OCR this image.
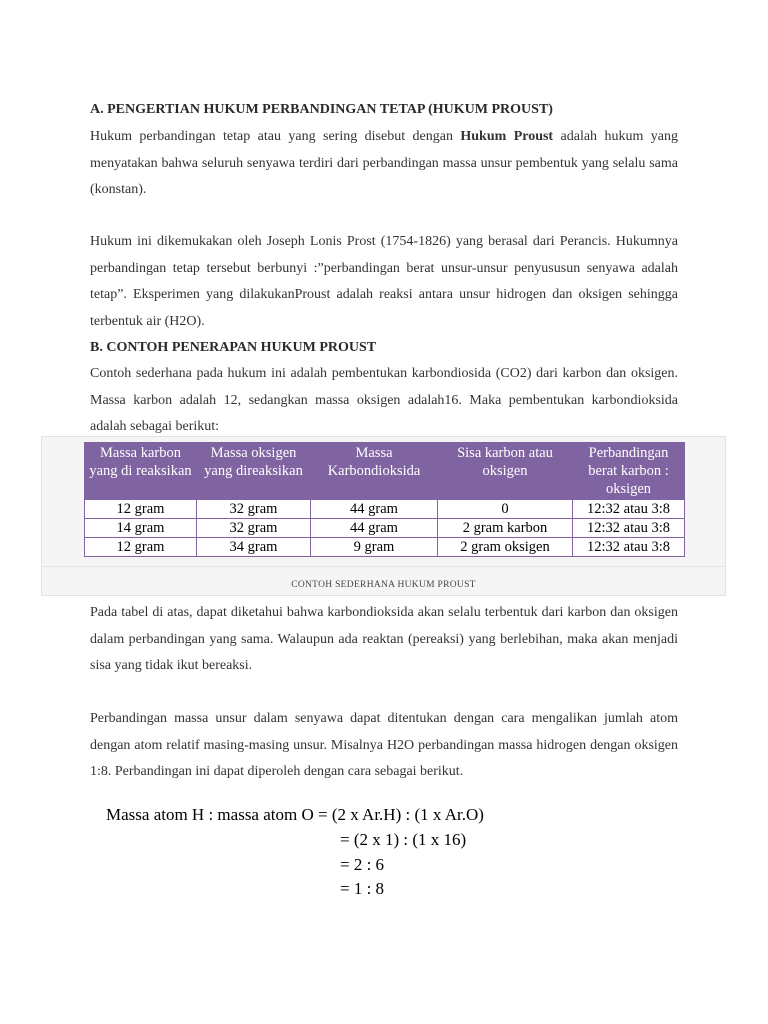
A. PENGERTIAN HUKUM PERBANDINGAN TETAP (HUKUM PROUST)

Hukum perbandingan tetap atau yang sering disebut dengan Hukum Proust adalah hukum yang menyatakan bahwa seluruh senyawa terdiri dari perbandingan massa unsur pembentuk yang selalu sama (konstan).

Hukum ini dikemukakan oleh Joseph Lonis Prost (1754-1826) yang berasal dari Perancis. Hukumnya perbandingan tetap tersebut berbunyi :”perbandingan berat unsur-unsur penyususun senyawa adalah tetap”. Eksperimen yang dilakukanProust adalah reaksi antara unsur hidrogen dan oksigen sehingga terbentuk air (H2O).

B. CONTOH PENERAPAN HUKUM PROUST

Contoh sederhana pada hukum ini adalah pembentukan karbondiosida (CO2) dari karbon dan oksigen. Massa karbon adalah 12, sedangkan massa oksigen adalah16. Maka pembentukan karbondioksida adalah sebagai berikut:

CONTOH SEDERHANA HUKUM PROUST
Massa karbon yang di reaksikan	Massa oksigen yang direaksikan	Massa Karbondioksida	Sisa karbon atau oksigen	Perbandingan berat karbon : oksigen
12 gram	32 gram	44 gram	0	12:32 atau 3:8
14 gram	32 gram	44 gram	2 gram karbon	12:32 atau 3:8
12 gram	34 gram	9 gram	2 gram oksigen	12:32 atau 3:8

Pada tabel di atas, dapat diketahui bahwa karbondioksida akan selalu terbentuk dari karbon dan oksigen dalam perbandingan yang sama. Walaupun ada reaktan (pereaksi) yang berlebihan, maka akan menjadi sisa yang tidak ikut bereaksi.

Perbandingan massa unsur dalam senyawa dapat ditentukan dengan cara mengalikan jumlah atom dengan atom relatif masing-masing unsur. Misalnya H2O perbandingan massa hidrogen dengan oksigen 1:8. Perbandingan ini dapat diperoleh dengan cara sebagai berikut.

Massa atom H : massa atom O = (2 x Ar.H) : (1 x Ar.O)
= (2 x 1) : (1 x 16)
= 2 : 6
= 1 : 8
